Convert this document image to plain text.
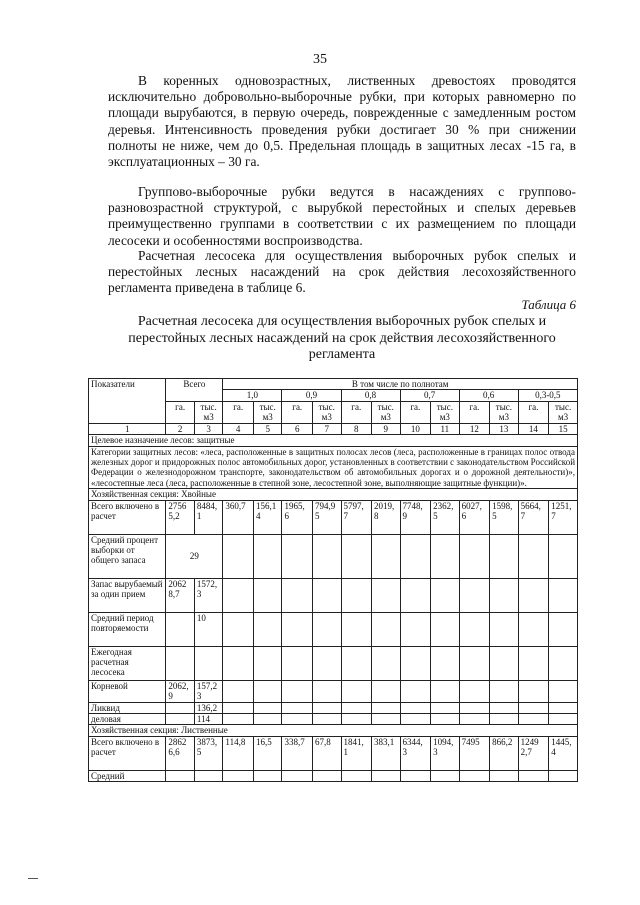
35

В коренных одновозрастных, лиственных древостоях проводятся исключительно добровольно-выборочные рубки, при которых равномерно по площади вырубаются, в первую очередь, поврежденные с замедленным ростом деревья. Интенсивность проведения рубки достигает 30 % при снижении полноты не ниже, чем до 0,5. Предельная площадь в защитных лесах -15 га, в эксплуатационных – 30 га.

Группово-выборочные рубки ведутся в насаждениях с группово-разновозрастной структурой, с вырубкой перестойных и спелых деревьев преимущественно группами в соответствии с их размещением по площади лесосеки и особенностями воспроизводства.

Расчетная лесосека для осуществления выборочных рубок спелых и перестойных лесных насаждений на срок действия лесохозяйственного регламента приведена в таблице 6.

Таблица 6
Расчетная лесосека для осуществления выборочных рубок спелых и перестойных лесных насаждений на срок действия лесохозяйственного регламента
Показатели	Всего		В том числе по полнотам											
			1,0		0,9		0,8		0,7		0,6		0,3-0,5	
	га.	тыс. м3	га.	тыс. м3	га.	тыс. м3	га.	тыс. м3	га.	тыс. м3	га.	тыс. м3	га.	тыс. м3
1	2	3	4	5	6	7	8	9	10	11	12	13	14	15
Целевое назначение лесов: защитные														
Категории защитных лесов: «леса, расположенные в защитных полосах лесов (леса, расположенные в границах полос отвода железных дорог и придорожных полос автомобильных дорог, установленных в соответствии с законодательством Российской Федерации о железнодорожном транспорте, законодательством об автомобильных дорогах и о дорожной деятельности)», «лесостепные леса (леса, расположенные в степной зоне, лесостепной зоне, выполняющие защитные функции)».														
Хозяйственная секция: Хвойные														
Всего включено в расчет	2756 5,2	8484, 1	360,7	156,1 4	1965, 6	794,9 5	5797, 7	2019, 8	7748, 9	2362, 5	6027, 6	1598, 5	5664, 7	1251, 7
Средний процент выборки от общего запаса	29													
Запас вырубаемый за один прием	2062 8,7	1572, 3												
Средний период повторяемости		10												
Ежегодная расчетная лесосека														
Корневой	2062, 9	157,2 3												
Ликвид		136,2												
деловая		114												
Хозяйственная секция: Лиственные														
Всего включено в расчет	2862 6,6	3873, 5	114,8	16,5	338,7	67,8	1841, 1	383,1	6344, 3	1094, 3	7495	866,2	1249 2,7	1445, 4
Средний														
